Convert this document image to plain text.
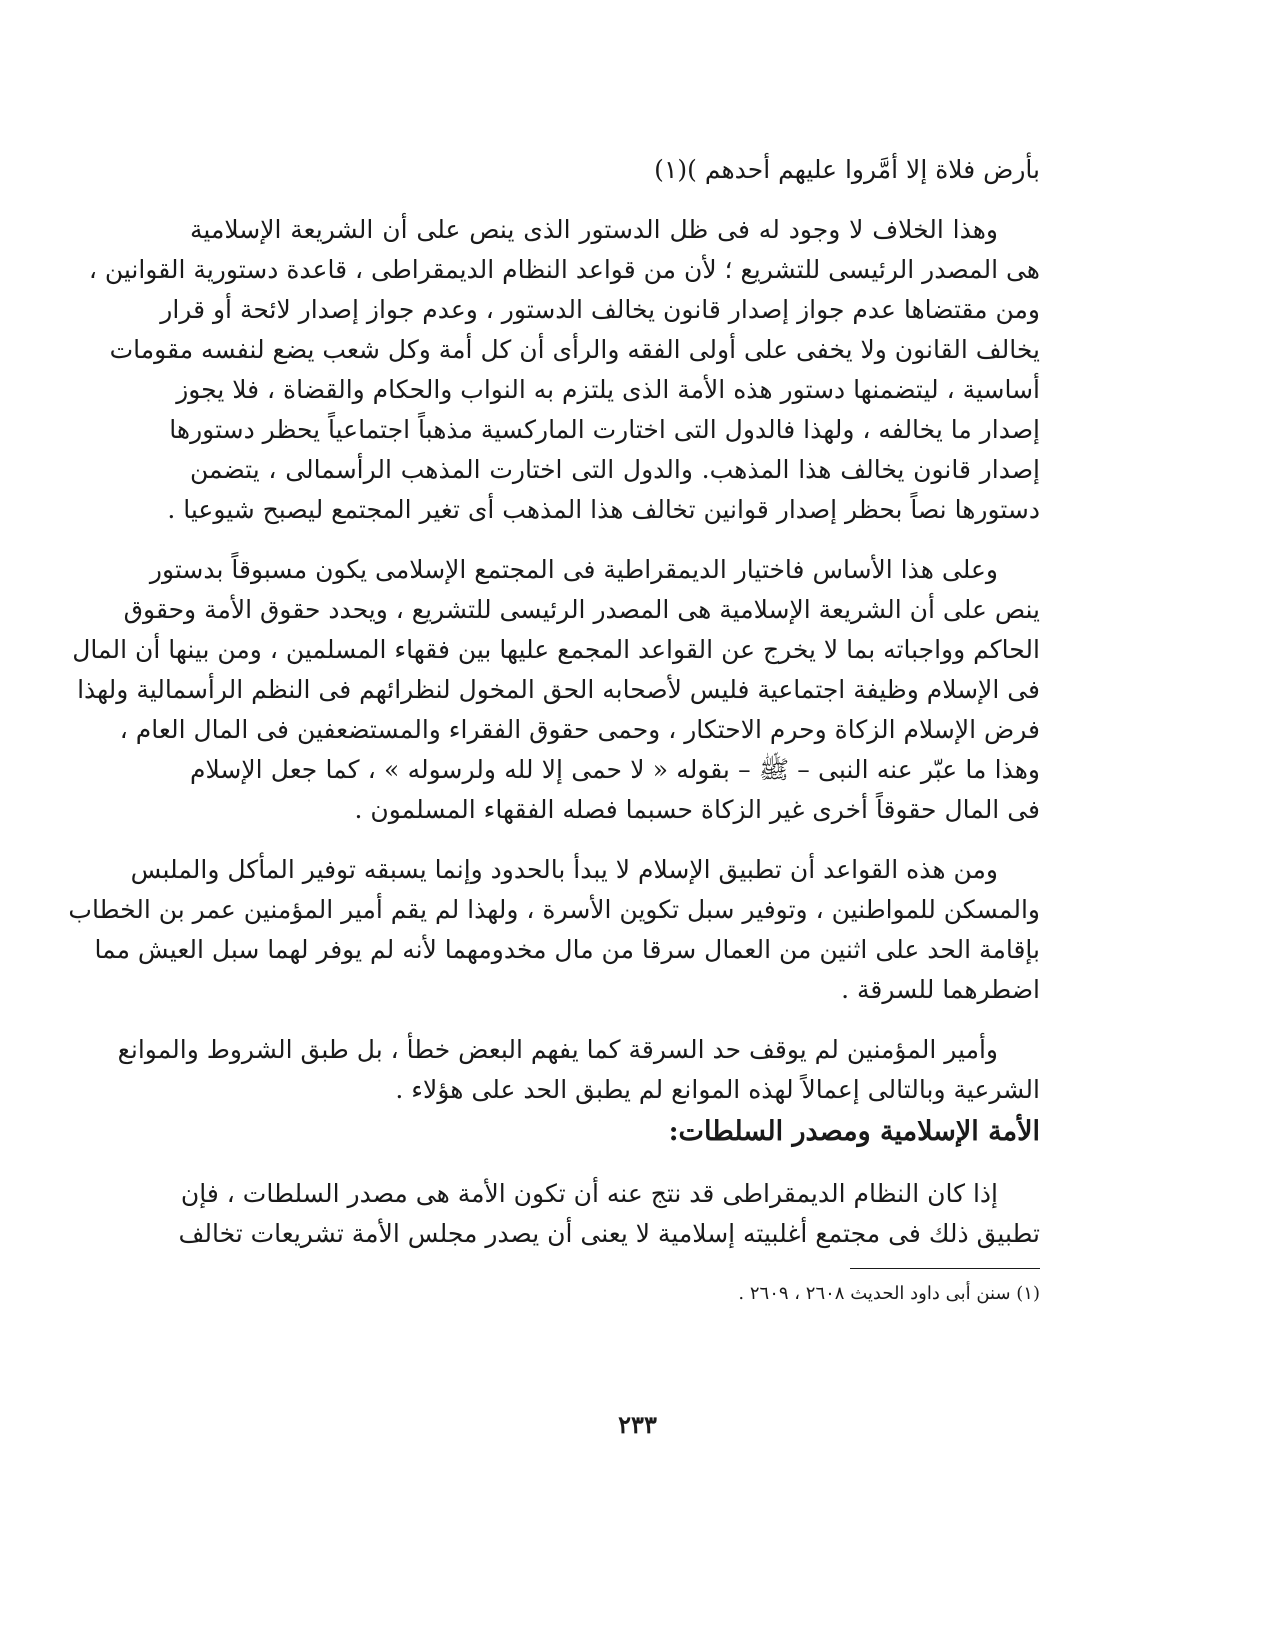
بأرض فلاة إلا أمَّروا عليهم أحدهم )(١)
وهذا الخلاف لا وجود له فى ظل الدستور الذى ينص على أن الشريعة الإسلامية
هى المصدر الرئيسى للتشريع ؛ لأن من قواعد النظام الديمقراطى ، قاعدة دستورية القوانين ،
ومن مقتضاها عدم جواز إصدار قانون يخالف الدستور ، وعدم جواز إصدار لائحة أو قرار
يخالف القانون ولا يخفى على أولى الفقه والرأى أن كل أمة وكل شعب يضع لنفسه مقومات
أساسية ، ليتضمنها دستور هذه الأمة الذى يلتزم به النواب والحكام والقضاة ، فلا يجوز
إصدار ما يخالفه ، ولهذا فالدول التى اختارت الماركسية مذهباً اجتماعياً يحظر دستورها
إصدار قانون يخالف هذا المذهب. والدول التى اختارت المذهب الرأسمالى ، يتضمن
دستورها نصاً بحظر إصدار قوانين تخالف هذا المذهب أى تغير المجتمع ليصبح شيوعيا .
وعلى هذا الأساس فاختيار الديمقراطية فى المجتمع الإسلامى يكون مسبوقاً بدستور
ينص على أن الشريعة الإسلامية هى المصدر الرئيسى للتشريع ، ويحدد حقوق الأمة وحقوق
الحاكم وواجباته بما لا يخرج عن القواعد المجمع عليها بين فقهاء المسلمين ، ومن بينها أن المال
فى الإسلام وظيفة اجتماعية فليس لأصحابه الحق المخول لنظرائهم فى النظم الرأسمالية ولهذا
فرض الإسلام الزكاة وحرم الاحتكار ، وحمى حقوق الفقراء والمستضعفين فى المال العام ،
وهذا ما عبّر عنه النبى – ﷺ – بقوله « لا حمى إلا لله ولرسوله » ، كما جعل الإسلام
فى المال حقوقاً أخرى غير الزكاة حسبما فصله الفقهاء المسلمون .
ومن هذه القواعد أن تطبيق الإسلام لا يبدأ بالحدود وإنما يسبقه توفير المأكل والملبس
والمسكن للمواطنين ، وتوفير سبل تكوين الأسرة ، ولهذا لم يقم أمير المؤمنين عمر بن الخطاب
بإقامة الحد على اثنين من العمال سرقا من مال مخدومهما لأنه لم يوفر لهما سبل العيش مما
اضطرهما للسرقة .
وأمير المؤمنين لم يوقف حد السرقة كما يفهم البعض خطأ ، بل طبق الشروط والموانع
الشرعية وبالتالى إعمالاً لهذه الموانع لم يطبق الحد على هؤلاء .
الأمة الإسلامية ومصدر السلطات:
إذا كان النظام الديمقراطى قد نتج عنه أن تكون الأمة هى مصدر السلطات ، فإن
تطبيق ذلك فى مجتمع أغلبيته إسلامية لا يعنى أن يصدر مجلس الأمة تشريعات تخالف
(١) سنن أبى داود الحديث ٢٦٠٨ ، ٢٦٠٩ .
٢٣٣
